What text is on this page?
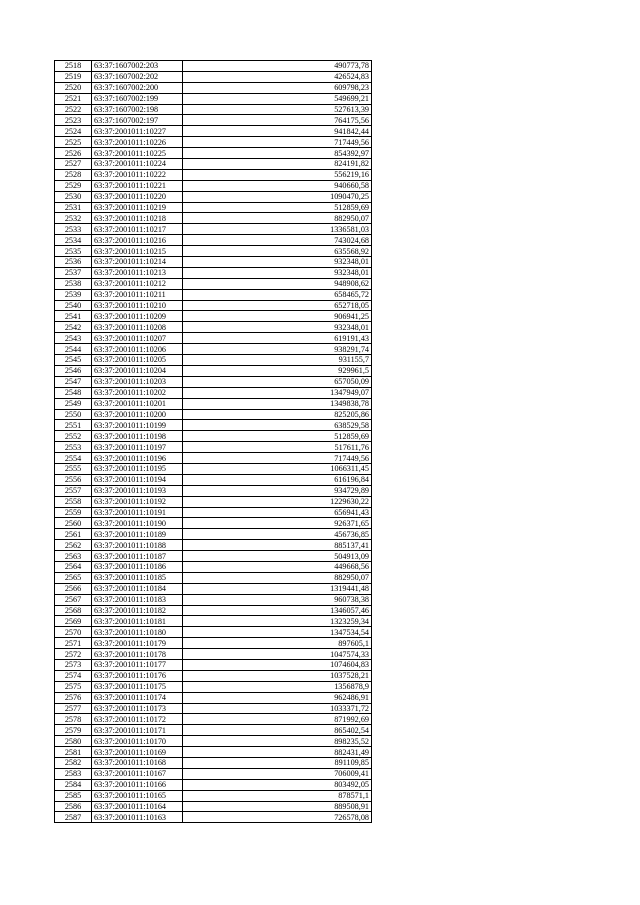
2518	63:37:1607002:203	490773,78
2519	63:37:1607002:202	426524,83
2520	63:37:1607002:200	609798,23
2521	63:37:1607002:199	549699,21
2522	63:37:1607002:198	527613,39
2523	63:37:1607002:197	764175,56
2524	63:37:2001011:10227	941842,44
2525	63:37:2001011:10226	717449,56
2526	63:37:2001011:10225	854392,97
2527	63:37:2001011:10224	824191,82
2528	63:37:2001011:10222	556219,16
2529	63:37:2001011:10221	940660,58
2530	63:37:2001011:10220	1090470,25
2531	63:37:2001011:10219	512859,69
2532	63:37:2001011:10218	882950,07
2533	63:37:2001011:10217	1336581,03
2534	63:37:2001011:10216	743024,68
2535	63:37:2001011:10215	635568,92
2536	63:37:2001011:10214	932348,01
2537	63:37:2001011:10213	932348,01
2538	63:37:2001011:10212	948908,62
2539	63:37:2001011:10211	658465,72
2540	63:37:2001011:10210	652718,05
2541	63:37:2001011:10209	906941,25
2542	63:37:2001011:10208	932348,01
2543	63:37:2001011:10207	619191,43
2544	63:37:2001011:10206	938291,74
2545	63:37:2001011:10205	931155,7
2546	63:37:2001011:10204	929961,5
2547	63:37:2001011:10203	657050,09
2548	63:37:2001011:10202	1347949,07
2549	63:37:2001011:10201	1349838,78
2550	63:37:2001011:10200	825205,86
2551	63:37:2001011:10199	638529,58
2552	63:37:2001011:10198	512859,69
2553	63:37:2001011:10197	517611,76
2554	63:37:2001011:10196	717449,56
2555	63:37:2001011:10195	1066311,45
2556	63:37:2001011:10194	616196,84
2557	63:37:2001011:10193	934729,89
2558	63:37:2001011:10192	1229630,22
2559	63:37:2001011:10191	656941,43
2560	63:37:2001011:10190	926371,65
2561	63:37:2001011:10189	456736,85
2562	63:37:2001011:10188	885137,41
2563	63:37:2001011:10187	504913,09
2564	63:37:2001011:10186	449668,56
2565	63:37:2001011:10185	882950,07
2566	63:37:2001011:10184	1319441,48
2567	63:37:2001011:10183	960738,38
2568	63:37:2001011:10182	1346057,46
2569	63:37:2001011:10181	1323259,34
2570	63:37:2001011:10180	1347534,54
2571	63:37:2001011:10179	897605,1
2572	63:37:2001011:10178	1047574,33
2573	63:37:2001011:10177	1074604,83
2574	63:37:2001011:10176	1037528,21
2575	63:37:2001011:10175	1356878,9
2576	63:37:2001011:10174	962486,91
2577	63:37:2001011:10173	1033371,72
2578	63:37:2001011:10172	871992,69
2579	63:37:2001011:10171	865402,54
2580	63:37:2001011:10170	898235,52
2581	63:37:2001011:10169	882431,49
2582	63:37:2001011:10168	891109,85
2583	63:37:2001011:10167	706009,41
2584	63:37:2001011:10166	803492,05
2585	63:37:2001011:10165	878571,1
2586	63:37:2001011:10164	889508,91
2587	63:37:2001011:10163	726578,08
